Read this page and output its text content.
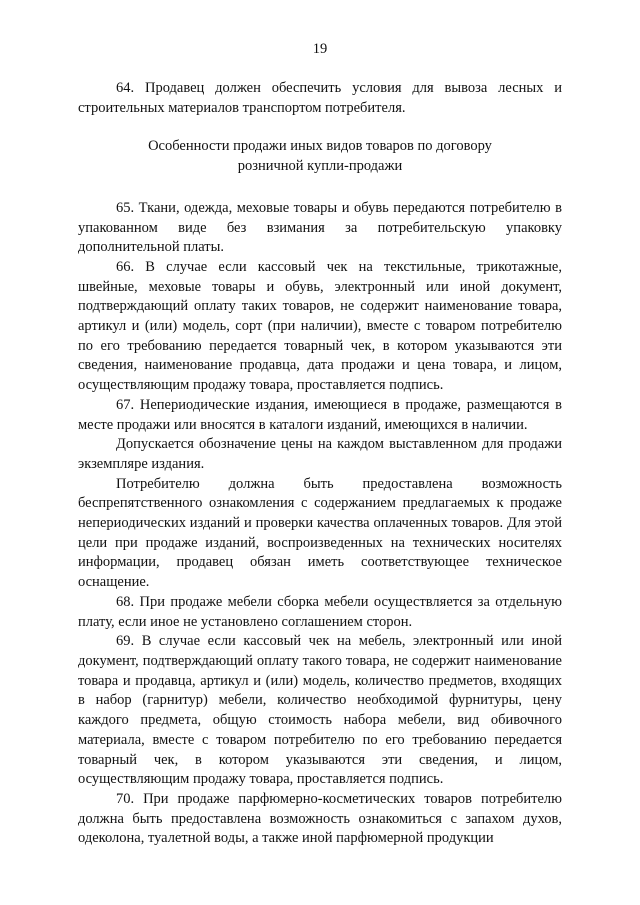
19

64. Продавец должен обеспечить условия для вывоза лесных и строительных материалов транспортом потребителя.

Особенности продажи иных видов товаров по договору
розничной купли-продажи

65. Ткани, одежда, меховые товары и обувь передаются потребителю в упакованном виде без взимания за потребительскую упаковку дополнительной платы.

66. В случае если кассовый чек на текстильные, трикотажные, швейные, меховые товары и обувь, электронный или иной документ, подтверждающий оплату таких товаров, не содержит наименование товара, артикул и (или) модель, сорт (при наличии), вместе с товаром потребителю по его требованию передается товарный чек, в котором указываются эти сведения, наименование продавца, дата продажи и цена товара, и лицом, осуществляющим продажу товара, проставляется подпись.

67. Непериодические издания, имеющиеся в продаже, размещаются в месте продажи или вносятся в каталоги изданий, имеющихся в наличии.

Допускается обозначение цены на каждом выставленном для продажи экземпляре издания.

Потребителю должна быть предоставлена возможность беспрепятственного ознакомления с содержанием предлагаемых к продаже непериодических изданий и проверки качества оплаченных товаров. Для этой цели при продаже изданий, воспроизведенных на технических носителях информации, продавец обязан иметь соответствующее техническое оснащение.

68. При продаже мебели сборка мебели осуществляется за отдельную плату, если иное не установлено соглашением сторон.

69. В случае если кассовый чек на мебель, электронный или иной документ, подтверждающий оплату такого товара, не содержит наименование товара и продавца, артикул и (или) модель, количество предметов, входящих в набор (гарнитур) мебели, количество необходимой фурнитуры, цену каждого предмета, общую стоимость набора мебели, вид обивочного материала, вместе с товаром потребителю по его требованию передается товарный чек, в котором указываются эти сведения, и лицом, осуществляющим продажу товара, проставляется подпись.

70. При продаже парфюмерно-косметических товаров потребителю должна быть предоставлена возможность ознакомиться с запахом духов, одеколона, туалетной воды, а также иной парфюмерной продукции
